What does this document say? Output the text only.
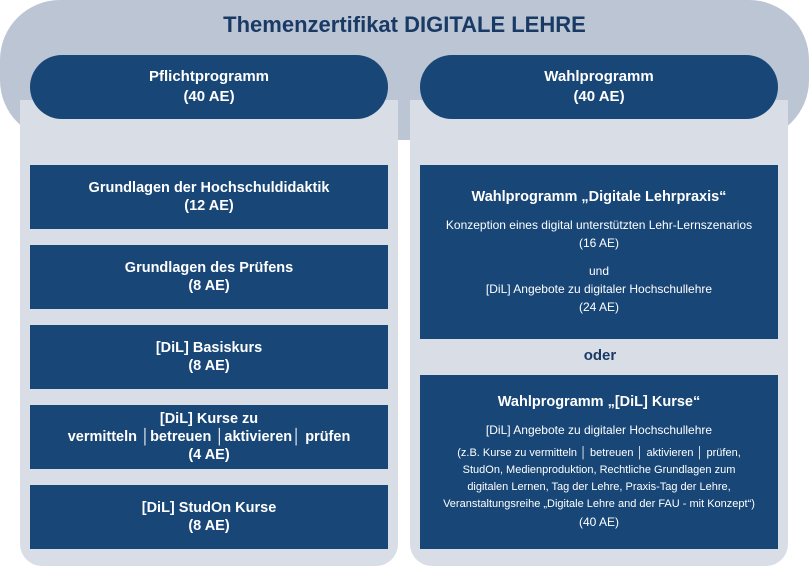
Themenzertifikat DIGITALE LEHRE
Pflichtprogramm
(40 AE)
Wahlprogramm
(40 AE)
Grundlagen der Hochschuldidaktik
(12 AE)
Grundlagen des Prüfens
(8 AE)
[DiL] Basiskurs
(8 AE)
[DiL] Kurse zu
vermitteln │betreuen │aktivieren│ prüfen
(4 AE)
[DiL] StudOn Kurse
(8 AE)
Wahlprogramm „Digitale Lehrpraxis“
Konzeption eines digital unterstützten Lehr-Lernszenarios
(16 AE)
und
[DiL] Angebote zu digitaler Hochschullehre
(24 AE)
oder
Wahlprogramm „[DiL] Kurse“
[DiL] Angebote zu digitaler Hochschullehre
(z.B. Kurse zu vermitteln │ betreuen │ aktivieren │ prüfen,
StudOn, Medienproduktion, Rechtliche Grundlagen zum
digitalen Lernen, Tag der Lehre, Praxis-Tag der Lehre,
Veranstaltungsreihe „Digitale Lehre and der FAU - mit Konzept“)
(40 AE)
